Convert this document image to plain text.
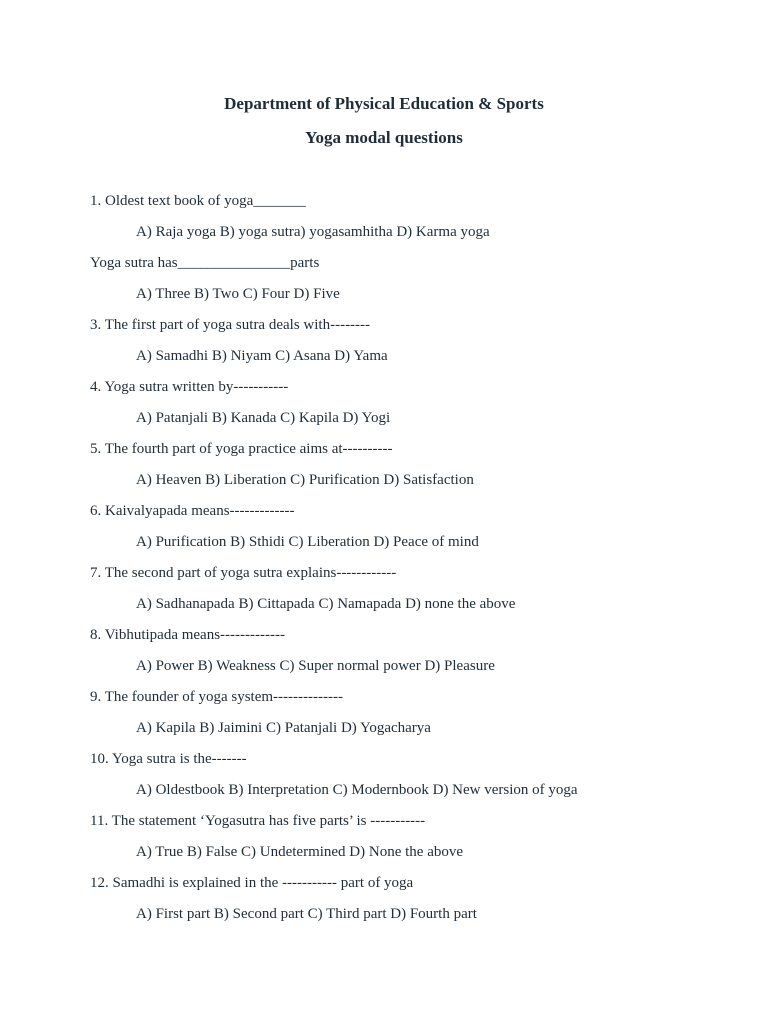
Department of Physical Education & Sports
Yoga modal questions
1. Oldest text book of yoga_______
A) Raja yoga B) yoga sutra) yogasamhitha D) Karma yoga
Yoga sutra has_______________parts
A) Three B) Two C) Four D) Five
3. The first part of yoga sutra deals with--------
A) Samadhi B) Niyam C) Asana D) Yama
4. Yoga sutra written by-----------
A) Patanjali B) Kanada C) Kapila D) Yogi
5. The fourth part of yoga practice aims at----------
A) Heaven B) Liberation C) Purification D) Satisfaction
6. Kaivalyapada means-------------
A) Purification B) Sthidi C) Liberation D) Peace of mind
7. The second part of yoga sutra explains------------
A) Sadhanapada B) Cittapada C) Namapada D) none the above
8. Vibhutipada means-------------
A) Power B) Weakness C) Super normal power D) Pleasure
9. The founder of yoga system--------------
A) Kapila B) Jaimini C) Patanjali D) Yogacharya
10. Yoga sutra is the-------
A) Oldestbook B) Interpretation C) Modernbook D) New version of yoga
11. The statement ‘Yogasutra has five parts’ is -----------
A) True B) False C) Undetermined D) None the above
12. Samadhi is explained in the ----------- part of yoga
A) First part B) Second part C) Third part D) Fourth part
